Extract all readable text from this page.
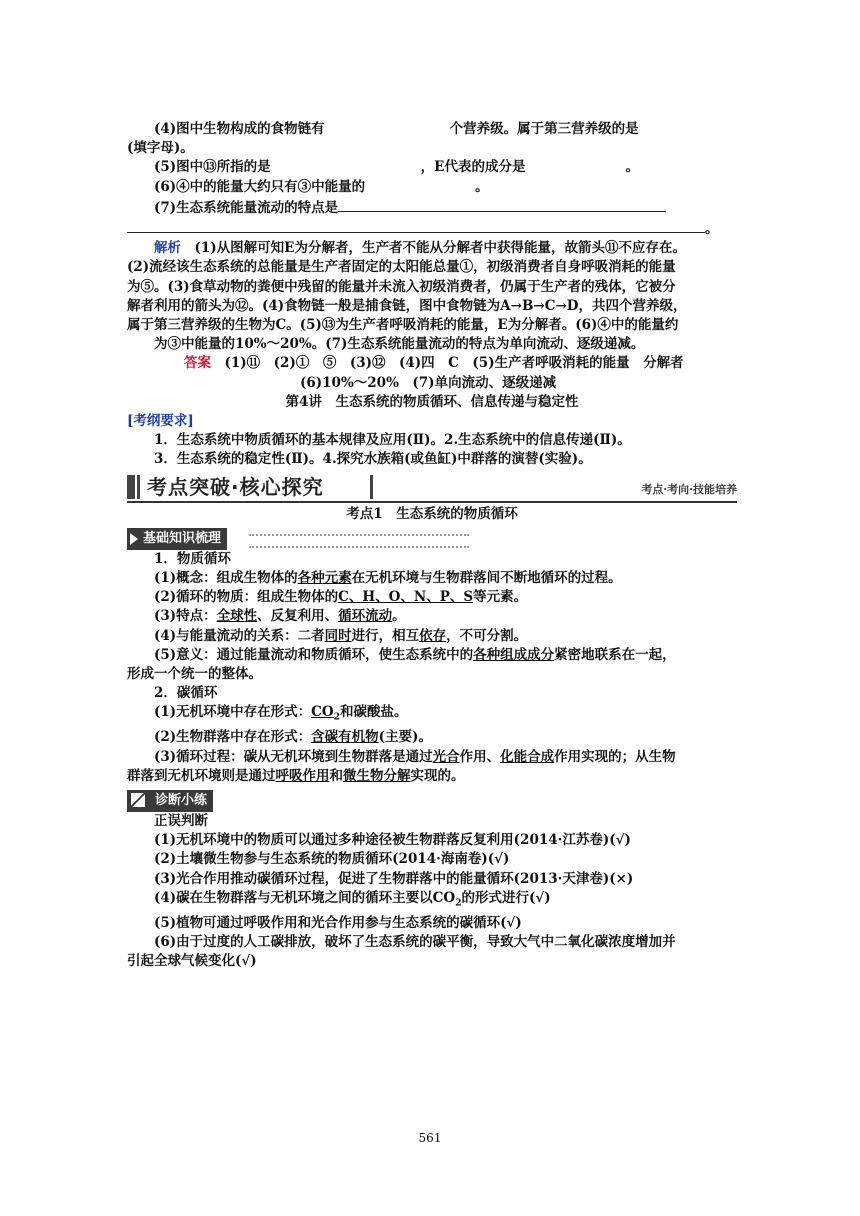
(4)图中生物构成的食物链有	个营养级。属于第三营养级的是
(填字母)。
(5)图中⑬所指的是	，E代表的成分是	。
(6)④中的能量大约只有③中能量的	。
(7)生态系统能量流动的特点是
。
解析　 (1)从图解可知E为分解者，生产者不能从分解者中获得能量，故箭头⑪不应存在。
(2)流经该生态系统的总能量是生产者固定的太阳能总量①，初级消费者自身呼吸消耗的能量
为⑤。(3)食草动物的粪便中残留的能量并未流入初级消费者，仍属于生产者的残体，它被分
解者利用的箭头为⑫。(4)食物链一般是捕食链，图中食物链为A→B→C→D，共四个营养级，
属于第三营养级的生物为C。(5)⑬为生产者呼吸消耗的能量，E为分解者。(6)④中的能量约
为③中能量的10%～20%。(7)生态系统能量流动的特点为单向流动、逐级递减。
答案　 (1)⑪　(2)①　⑤　(3)⑫　(4)四　C　(5)生产者呼吸消耗的能量　分解者
(6)10%～20%　(7)单向流动、逐级递减
第4讲　生态系统的物质循环、信息传递与稳定性
[考纲要求]
1．生态系统中物质循环的基本规律及应用(Ⅱ)。2.生态系统中的信息传递(Ⅱ)。
3．生态系统的稳定性(Ⅱ)。4.探究水族箱(或鱼缸)中群落的演替(实验)。
考点突破·核心探究	考点·考向·技能培养
考点1　生态系统的物质循环
基础知识梳理
1．物质循环
(1)概念：组成生物体的各种元素在无机环境与生物群落间不断地循环的过程。
(2)循环的物质：组成生物体的C、H、O、N、P、S等元素。
(3)特点：全球性、反复利用、循环流动。
(4)与能量流动的关系：二者同时进行，相互依存，不可分割。
(5)意义：通过能量流动和物质循环，使生态系统中的各种组成成分紧密地联系在一起，
形成一个统一的整体。
2．碳循环
(1)无机环境中存在形式：$CO_2$和碳酸盐。
(2)生物群落中存在形式：含碳有机物(主要)。
(3)循环过程：碳从无机环境到生物群落是通过光合作用、化能合成作用实现的；从生物
群落到无机环境则是通过呼吸作用和微生物分解实现的。
诊断小练
正误判断
(1)无机环境中的物质可以通过多种途径被生物群落反复利用(2014·江苏卷)(√)
(2)土壤微生物参与生态系统的物质循环(2014·海南卷)(√)
(3)光合作用推动碳循环过程，促进了生物群落中的能量循环(2013·天津卷)(×)
(4)碳在生物群落与无机环境之间的循环主要以$CO_2$的形式进行(√)
(5)植物可通过呼吸作用和光合作用参与生态系统的碳循环(√)
(6)由于过度的人工碳排放，破坏了生态系统的碳平衡，导致大气中二氧化碳浓度增加并
引起全球气候变化(√)
561
